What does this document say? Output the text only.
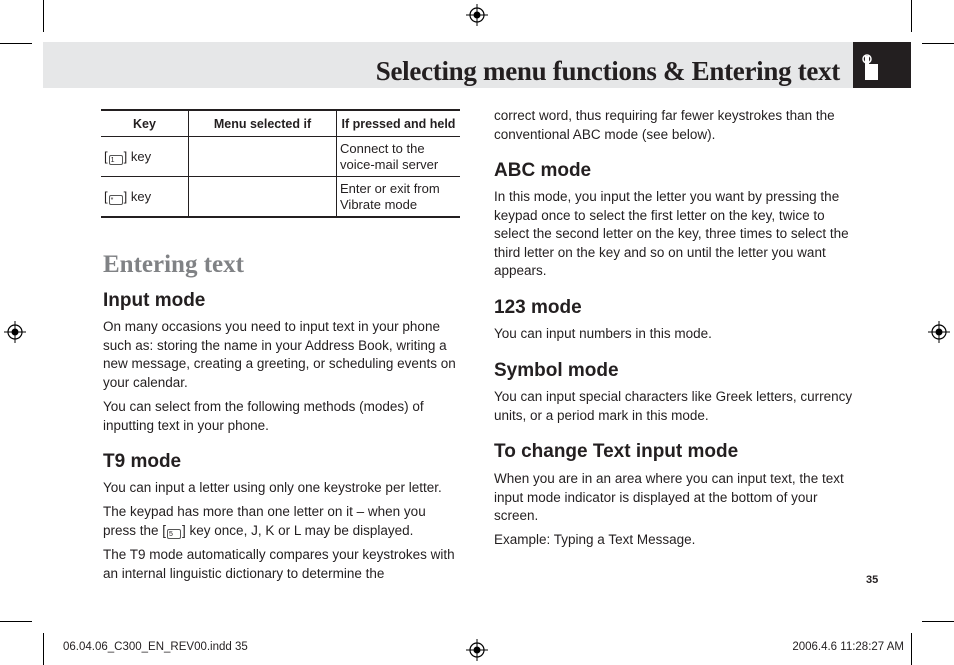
Selecting menu functions & Entering text
Key	Menu selected if	If pressed and held
[ 1 ] key		Connect to the voice-mail server
[ * ] key		Enter or exit from Vibrate mode
Entering text
Input mode
On many occasions you need to input text in your phone such as: storing the name in your Address Book, writing a new message, creating a greeting, or scheduling events on your calendar.
You can select from the following methods (modes) of inputting text in your phone.
T9 mode
You can input a letter using only one keystroke per letter.
The keypad has more than one letter on it – when you press the [ 5 ] key once, J, K or L may be displayed.
The T9 mode automatically compares your keystrokes with an internal linguistic dictionary to determine the
correct word, thus requiring far fewer keystrokes than the conventional ABC mode (see below).
ABC mode
In this mode, you input the letter you want by pressing the keypad once to select the first letter on the key, twice to select the second letter on the key, three times to select the third letter on the key and so on until the letter you want appears.
123 mode
You can input numbers in this mode.
Symbol mode
You can input special characters like Greek letters, currency units, or a period mark in this mode.
To change Text input mode
When you are in an area where you can input text, the text input mode indicator is displayed at the bottom of your screen.
Example: Typing a Text Message.
35
06.04.06_C300_EN_REV00.indd 35	2006.4.6 11:28:27 AM
